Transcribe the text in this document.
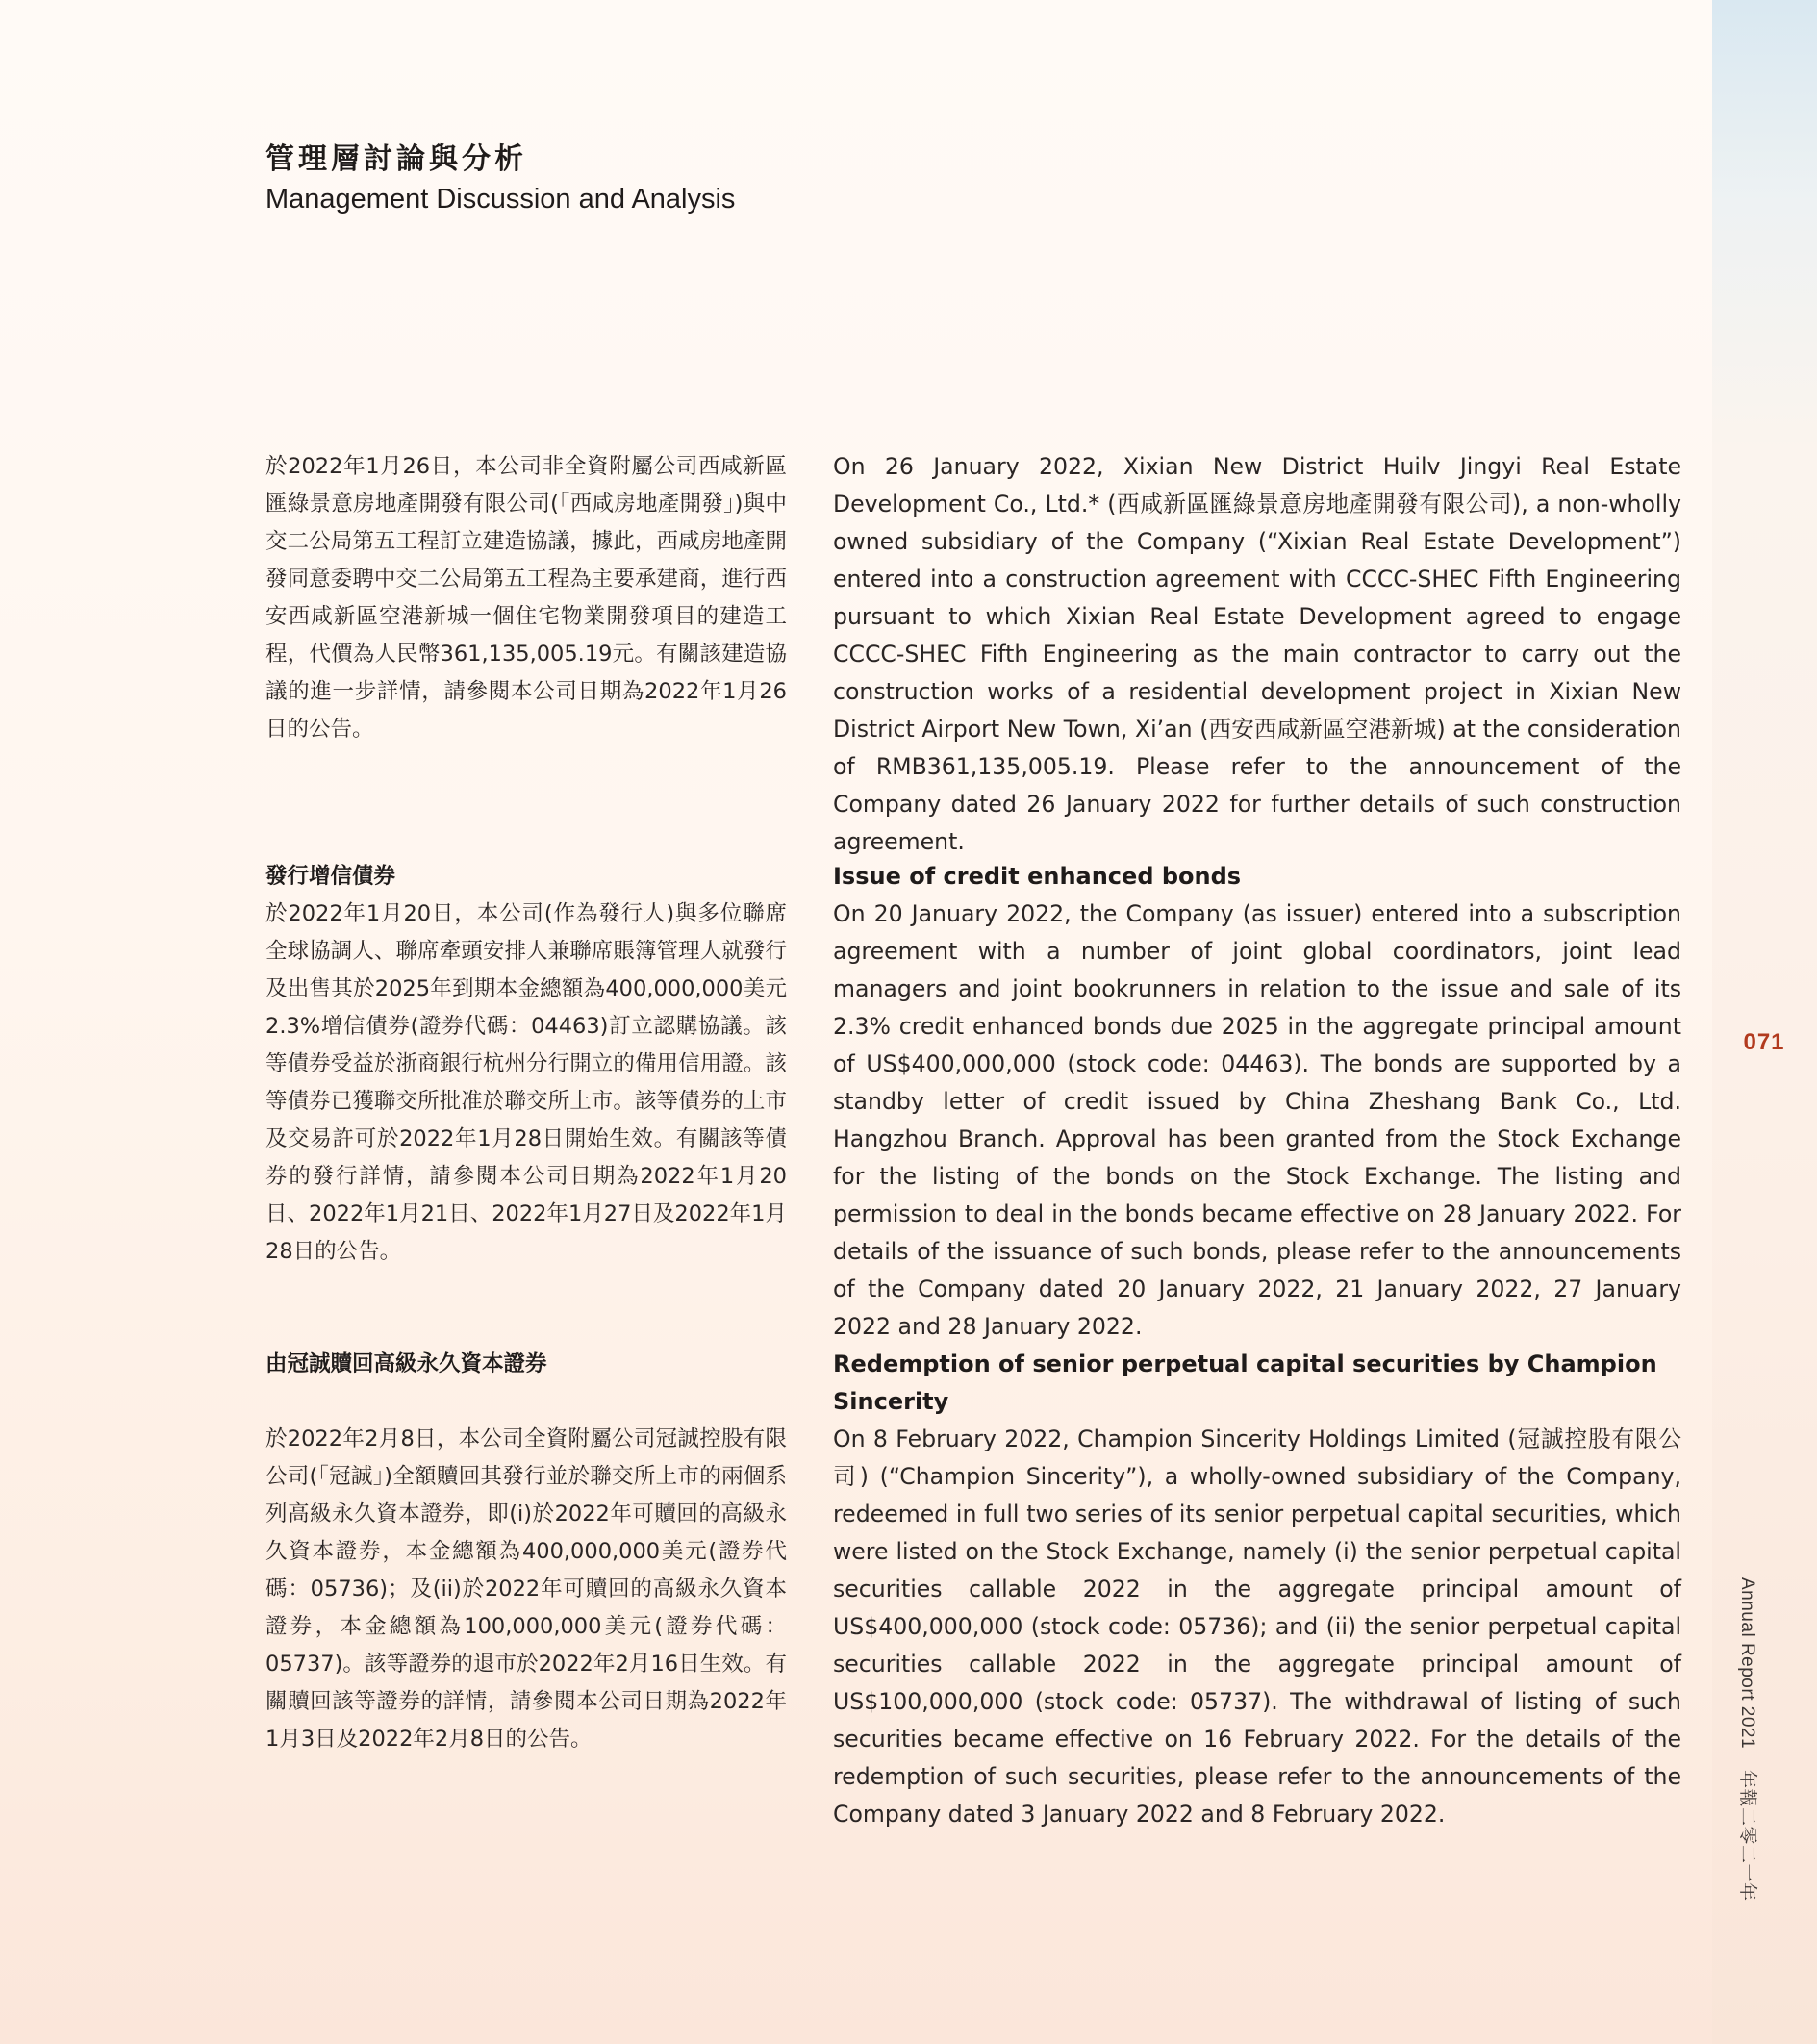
管理層討論與分析
Management Discussion and Analysis
於2022年1月26日，本公司非全資附屬公司西咸新區匯綠景意房地產開發有限公司(「西咸房地產開發」)與中交二公局第五工程訂立建造協議，據此，西咸房地產開發同意委聘中交二公局第五工程為主要承建商，進行西安西咸新區空港新城一個住宅物業開發項目的建造工程，代價為人民幣361,135,005.19元。有關該建造協議的進一步詳情，請參閱本公司日期為2022年1月26日的公告。
On 26 January 2022, Xixian New District Huilv Jingyi Real Estate Development Co., Ltd.* (西咸新區匯綠景意房地產開發有限公司), a non-wholly owned subsidiary of the Company (“Xixian Real Estate Development”) entered into a construction agreement with CCCC-SHEC Fifth Engineering pursuant to which Xixian Real Estate Development agreed to engage CCCC-SHEC Fifth Engineering as the main contractor to carry out the construction works of a residential development project in Xixian New District Airport New Town, Xi’an (西安西咸新區空港新城) at the consideration of RMB361,135,005.19. Please refer to the announcement of the Company dated 26 January 2022 for further details of such construction agreement.
發行增信債券
於2022年1月20日，本公司(作為發行人)與多位聯席全球協調人、聯席牽頭安排人兼聯席賬簿管理人就發行及出售其於2025年到期本金總額為400,000,000美元2.3%增信債券(證券代碼：04463)訂立認購協議。該等債券受益於浙商銀行杭州分行開立的備用信用證。該等債券已獲聯交所批准於聯交所上市。該等債券的上市及交易許可於2022年1月28日開始生效。有關該等債券的發行詳情，請參閱本公司日期為2022年1月20日、2022年1月21日、2022年1月27日及2022年1月28日的公告。
Issue of credit enhanced bonds
On 20 January 2022, the Company (as issuer) entered into a subscription agreement with a number of joint global coordinators, joint lead managers and joint bookrunners in relation to the issue and sale of its 2.3% credit enhanced bonds due 2025 in the aggregate principal amount of US$400,000,000 (stock code: 04463). The bonds are supported by a standby letter of credit issued by China Zheshang Bank Co., Ltd. Hangzhou Branch. Approval has been granted from the Stock Exchange for the listing of the bonds on the Stock Exchange. The listing and permission to deal in the bonds became effective on 28 January 2022. For details of the issuance of such bonds, please refer to the announcements of the Company dated 20 January 2022, 21 January 2022, 27 January 2022 and 28 January 2022.
由冠誠贖回高級永久資本證券
於2022年2月8日，本公司全資附屬公司冠誠控股有限公司(「冠誠」)全額贖回其發行並於聯交所上市的兩個系列高級永久資本證券，即(i)於2022年可贖回的高級永久資本證券，本金總額為400,000,000美元(證券代碼：05736)；及(ii)於2022年可贖回的高級永久資本證券，本金總額為100,000,000美元(證券代碼：05737)。該等證券的退市於2022年2月16日生效。有關贖回該等證券的詳情，請參閱本公司日期為2022年1月3日及2022年2月8日的公告。
Redemption of senior perpetual capital securities by Champion Sincerity
On 8 February 2022, Champion Sincerity Holdings Limited (冠誠控股有限公司) (“Champion Sincerity”), a wholly-owned subsidiary of the Company, redeemed in full two series of its senior perpetual capital securities, which were listed on the Stock Exchange, namely (i) the senior perpetual capital securities callable 2022 in the aggregate principal amount of US$400,000,000 (stock code: 05736); and (ii) the senior perpetual capital securities callable 2022 in the aggregate principal amount of US$100,000,000 (stock code: 05737). The withdrawal of listing of such securities became effective on 16 February 2022. For the details of the redemption of such securities, please refer to the announcements of the Company dated 3 January 2022 and 8 February 2022.
071
Annual Report 2021年報二零二一年
